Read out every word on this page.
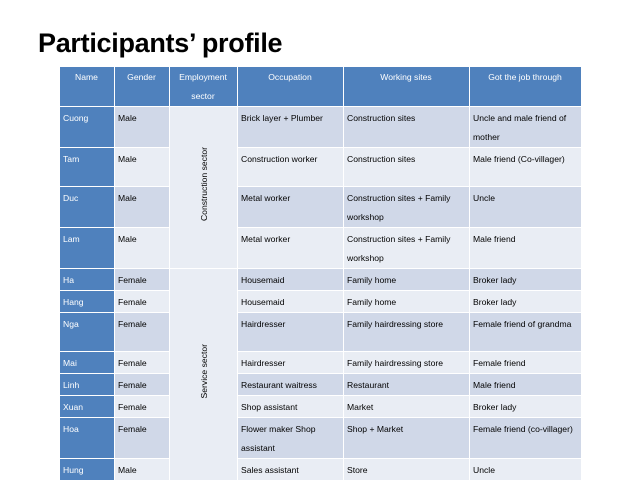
Participants’ profile
Name	Gender	Employment sector	Occupation	Working sites	Got the job through
Cuong	Male	Construction sector	Brick layer + Plumber	Construction sites	Uncle and male friend of mother
Tam	Male		Construction worker	Construction sites	Male friend (Co-villager)
Duc	Male		Metal worker	Construction sites + Family workshop	Uncle
Lam	Male		Metal worker	Construction sites + Family workshop	Male friend
Ha	Female	Service sector	Housemaid	Family home	Broker lady
Hang	Female		Housemaid	Family home	Broker lady
Nga	Female		Hairdresser	Family hairdressing store	Female friend of grandma
Mai	Female		Hairdresser	Family hairdressing store	Female friend
Linh	Female		Restaurant waitress	Restaurant	Male friend
Xuan	Female		Shop assistant	Market	Broker lady
Hoa	Female		Flower maker Shop assistant	Shop + Market	Female friend (co-villager)
Hung	Male		Sales assistant	Store	Uncle
